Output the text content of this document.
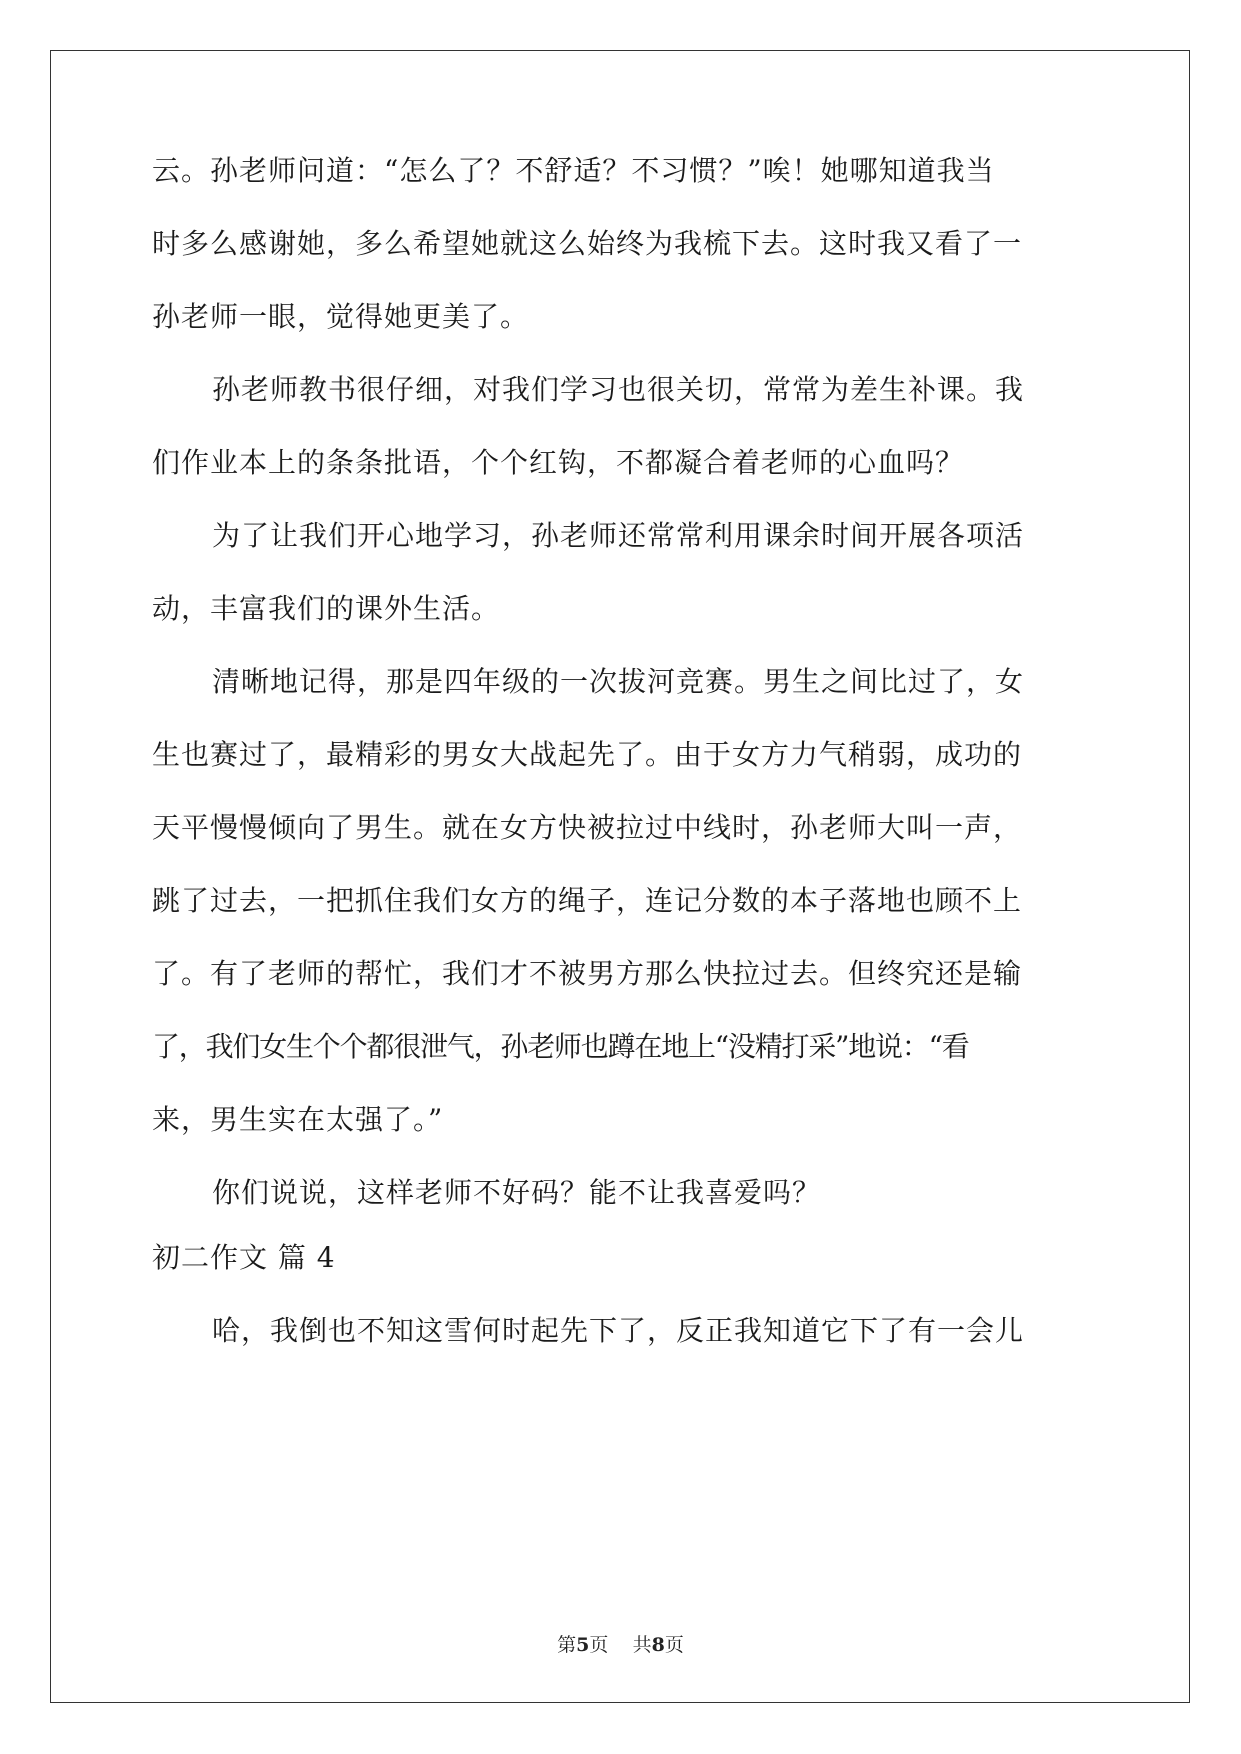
云。孙老师问道：“怎么了？不舒适？不习惯？”唉！她哪知道我当
时多么感谢她，多么希望她就这么始终为我梳下去。这时我又看了一
孙老师一眼，觉得她更美了。
孙老师教书很仔细，对我们学习也很关切，常常为差生补课。我
们作业本上的条条批语，个个红钩，不都凝合着老师的心血吗？
为了让我们开心地学习，孙老师还常常利用课余时间开展各项活
动，丰富我们的课外生活。
清晰地记得，那是四年级的一次拔河竞赛。男生之间比过了，女
生也赛过了，最精彩的男女大战起先了。由于女方力气稍弱，成功的
天平慢慢倾向了男生。就在女方快被拉过中线时，孙老师大叫一声，
跳了过去，一把抓住我们女方的绳子，连记分数的本子落地也顾不上
了。有了老师的帮忙，我们才不被男方那么快拉过去。但终究还是输
了，我们女生个个都很泄气，孙老师也蹲在地上“没精打采”地说：“看
来，男生实在太强了。”
你们说说，这样老师不好码？能不让我喜爱吗？
初二作文 篇 4
哈，我倒也不知这雪何时起先下了，反正我知道它下了有一会儿
第5页    共8页
